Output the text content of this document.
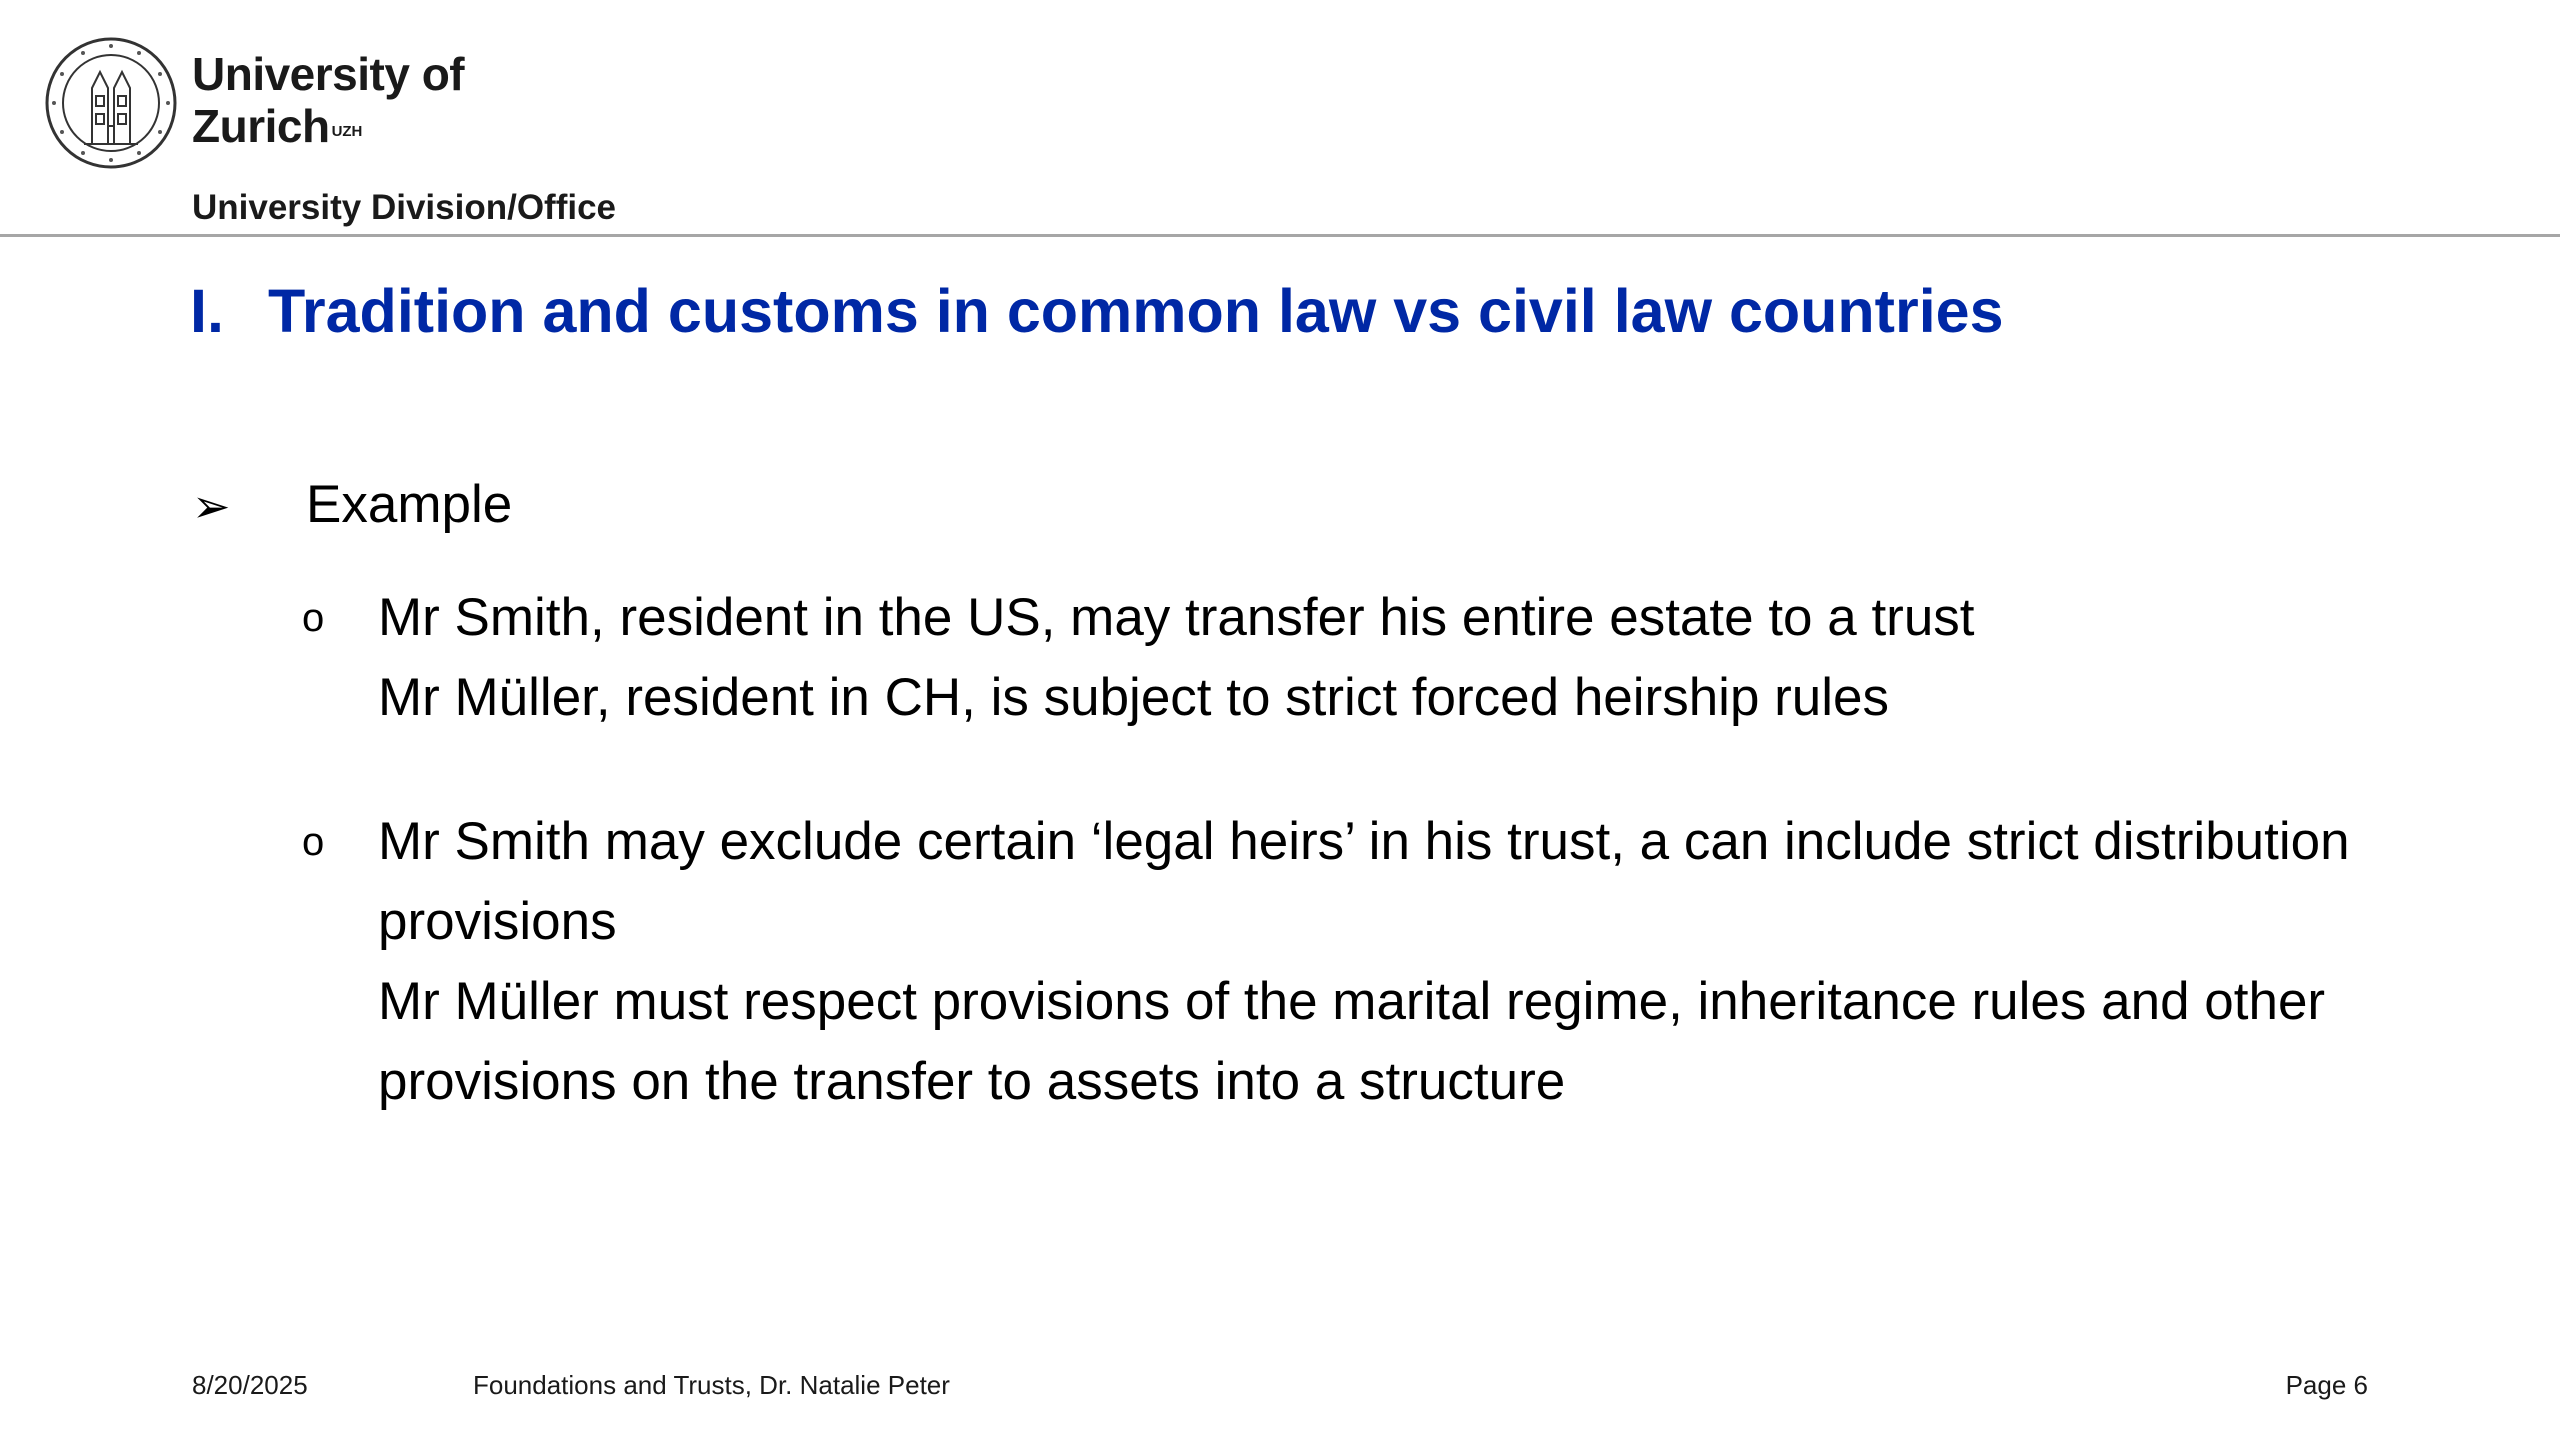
University of
Zurich $^{UZH}$
University Division/Office
I. Tradition and customs in common law vs civil law countries
➢ Example
o	Mr Smith, resident in the US, may transfer his entire estate to a trust
Mr Müller, resident in CH, is subject to strict forced heirship rules
o	Mr Smith may exclude certain ‘legal heirs’ in his trust, a can include strict distribution provisions
Mr Müller must respect provisions of the marital regime, inheritance rules and other provisions on the transfer to assets into a structure
8/20/2025	Foundations and Trusts, Dr. Natalie Peter	Page 6
